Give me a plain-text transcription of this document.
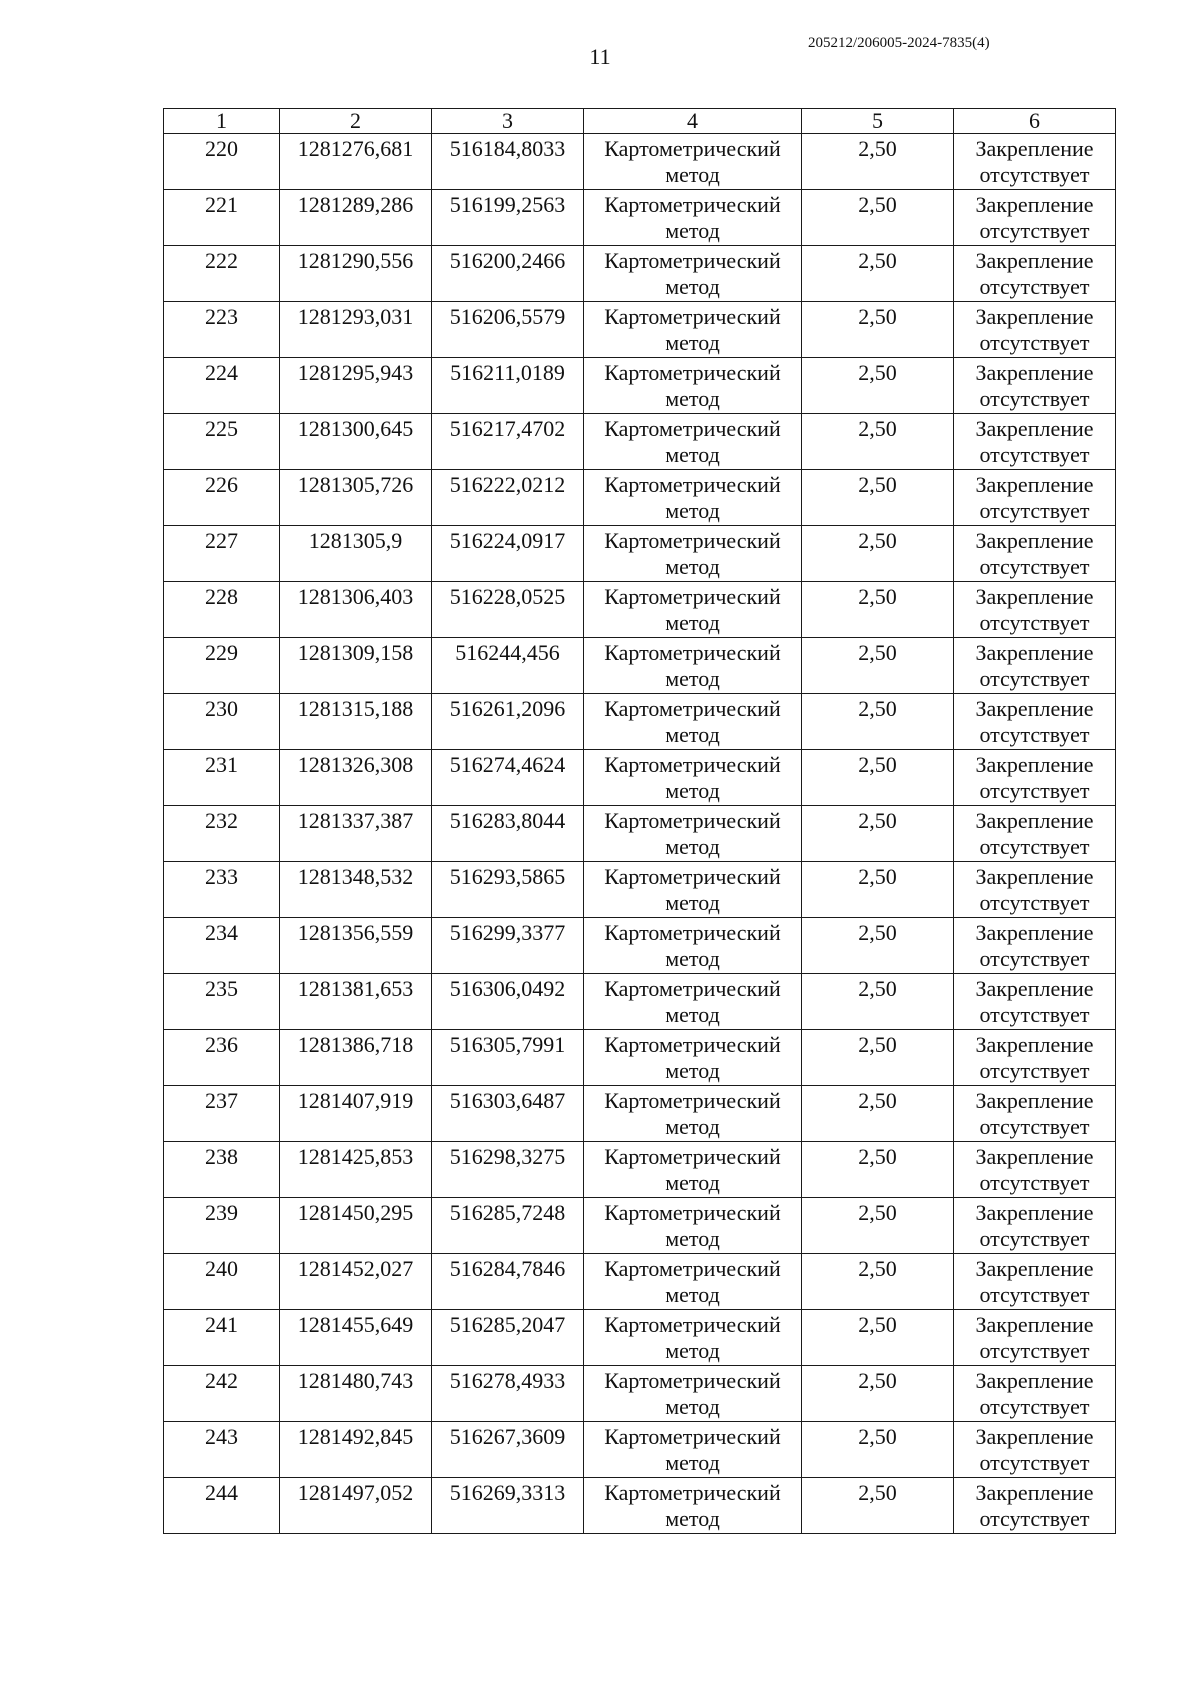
11
205212/206005-2024-7835(4)
1	2	3	4	5	6

220	1281276,681	516184,8033	Картометрический метод	2,50	Закрепление отсутствует

221	1281289,286	516199,2563	Картометрический метод	2,50	Закрепление отсутствует

222	1281290,556	516200,2466	Картометрический метод	2,50	Закрепление отсутствует

223	1281293,031	516206,5579	Картометрический метод	2,50	Закрепление отсутствует

224	1281295,943	516211,0189	Картометрический метод	2,50	Закрепление отсутствует

225	1281300,645	516217,4702	Картометрический метод	2,50	Закрепление отсутствует

226	1281305,726	516222,0212	Картометрический метод	2,50	Закрепление отсутствует

227	1281305,9	516224,0917	Картометрический метод	2,50	Закрепление отсутствует

228	1281306,403	516228,0525	Картометрический метод	2,50	Закрепление отсутствует

229	1281309,158	516244,456	Картометрический метод	2,50	Закрепление отсутствует

230	1281315,188	516261,2096	Картометрический метод	2,50	Закрепление отсутствует

231	1281326,308	516274,4624	Картометрический метод	2,50	Закрепление отсутствует

232	1281337,387	516283,8044	Картометрический метод	2,50	Закрепление отсутствует

233	1281348,532	516293,5865	Картометрический метод	2,50	Закрепление отсутствует

234	1281356,559	516299,3377	Картометрический метод	2,50	Закрепление отсутствует

235	1281381,653	516306,0492	Картометрический метод	2,50	Закрепление отсутствует

236	1281386,718	516305,7991	Картометрический метод	2,50	Закрепление отсутствует

237	1281407,919	516303,6487	Картометрический метод	2,50	Закрепление отсутствует

238	1281425,853	516298,3275	Картометрический метод	2,50	Закрепление отсутствует

239	1281450,295	516285,7248	Картометрический метод	2,50	Закрепление отсутствует

240	1281452,027	516284,7846	Картометрический метод	2,50	Закрепление отсутствует

241	1281455,649	516285,2047	Картометрический метод	2,50	Закрепление отсутствует

242	1281480,743	516278,4933	Картометрический метод	2,50	Закрепление отсутствует

243	1281492,845	516267,3609	Картометрический метод	2,50	Закрепление отсутствует

244	1281497,052	516269,3313	Картометрический метод	2,50	Закрепление отсутствует
